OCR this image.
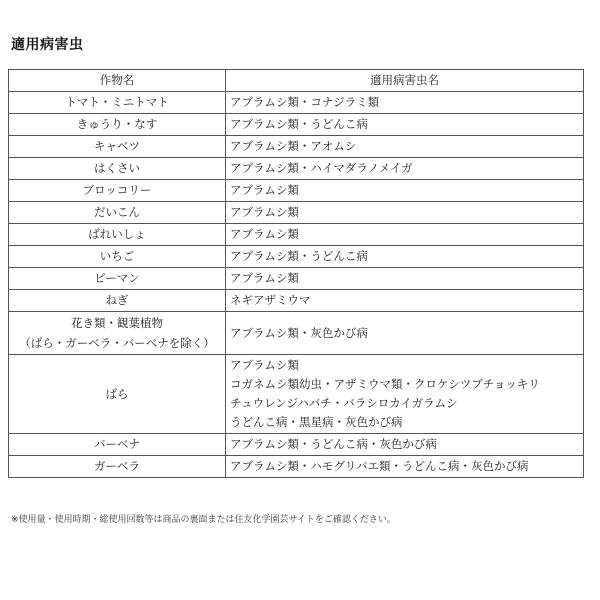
適用病害虫
作物名	適用病害虫名
トマト・ミニトマト	アブラムシ類・コナジラミ類
きゅうり・なす	アブラムシ類・うどんこ病
キャベツ	アブラムシ類・アオムシ
はくさい	アブラムシ類・ハイマダラノメイガ
ブロッコリー	アブラムシ類
だいこん	アブラムシ類
ばれいしょ	アブラムシ類
いちご	アブラムシ類・うどんこ病
ピーマン	アブラムシ類
ねぎ	ネギアザミウマ

花き類・観葉植物
（ばら・ガーベラ・バーベナを除く）	アブラムシ類・灰色かび病
ばら	アブラムシ類
コガネムシ類幼虫・アザミウマ類・クロケシツブチョッキリ
チュウレンジハバチ・バラシロカイガラムシ
うどんこ病・黒星病・灰色かび病

バーベナ	アブラムシ類・うどんこ病・灰色かび病
ガーベラ	アブラムシ類・ハモグリバエ類・うどんこ病・灰色かび病
※使用量・使用時期・総使用回数等は商品の裏面または住友化学園芸サイトをご確認ください。
